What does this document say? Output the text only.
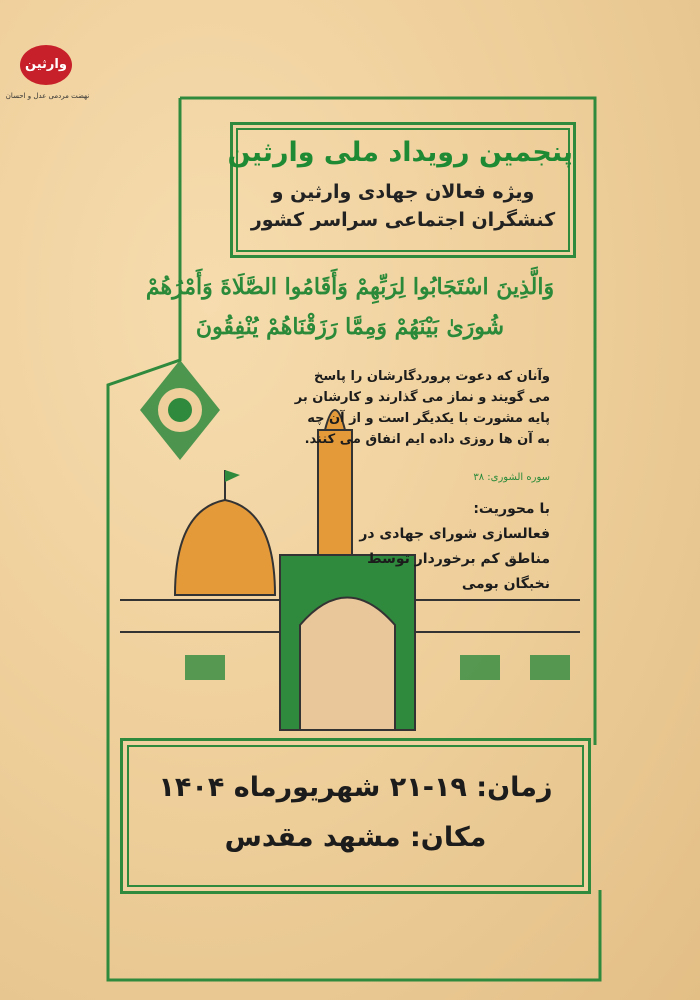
وارثین
نهضت مردمی عدل و احسان
پنجمین رویداد ملی وارثین
ویژه فعالان جهادی وارثین و
کنشگران اجتماعی سراسر کشور
وَالَّذِينَ اسْتَجَابُوا لِرَبِّهِمْ وَأَقَامُوا الصَّلَاةَ وَأَمْرُهُمْ
شُورَىٰ بَيْنَهُمْ وَمِمَّا رَزَقْنَاهُمْ يُنْفِقُونَ
وآنان که دعوت پروردگارشان را پاسخ
می گویند و نماز می گذارند و کارشان بر
پایه مشورت با یکدیگر است و از آن چه
به آن ها روزی داده ایم انفاق می کنند.
سوره الشوری: ۳۸
با محوریت:
فعالسازی شورای جهادی در
مناطق کم برخوردار توسط
نخبگان بومی
زمان: ۱۹-۲۱ شهریورماه ۱۴۰۴
مکان: مشهد مقدس
